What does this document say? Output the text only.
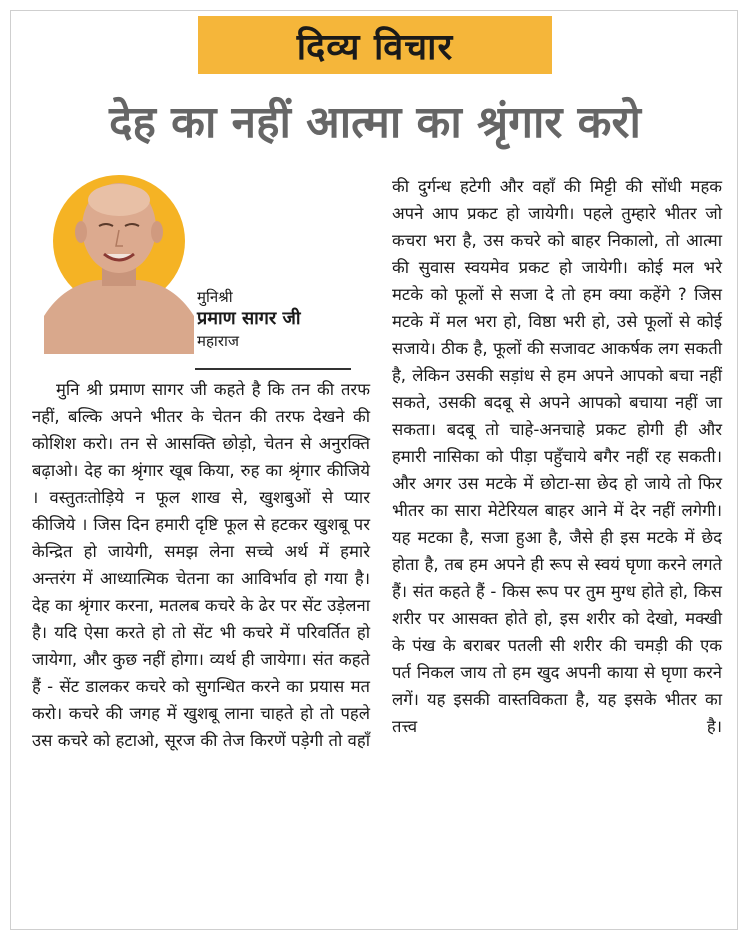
दिव्य विचार
देह का नहीं आत्मा का श्रृंगार करो
मुनिश्री
प्रमाण सागर जी
महाराज

मुनि श्री प्रमाण सागर जी कहते है कि तन की तरफ नहीं, बल्कि अपने भीतर के चेतन की तरफ देखने की कोशिश करो। तन से आसक्ति छोड़ो, चेतन से अनुरक्ति बढ़ाओ। देह का श्रृंगार खूब किया, रुह का श्रृंगार कीजिये । वस्तुतःतोड़िये न फूल शाख से, खुशबुओं से प्यार कीजिये । जिस दिन हमारी दृष्टि फूल से हटकर खुशबू पर केन्द्रित हो जायेगी, समझ लेना सच्चे अर्थ में हमारे अन्तरंग में आध्यात्मिक चेतना का आविर्भाव हो गया है। देह का श्रृंगार करना, मतलब कचरे के ढेर पर सेंट उड़ेलना है। यदि ऐसा करते हो तो सेंट भी कचरे में परिवर्तित हो जायेगा, और कुछ नहीं होगा। व्यर्थ ही जायेगा। संत कहते हैं - सेंट डालकर कचरे को सुगन्धित करने का प्रयास मत करो। कचरे की जगह में खुशबू लाना चाहते हो तो पहले उस कचरे को हटाओ, सूरज की तेज किरणें पड़ेगी तो वहाँ

की दुर्गन्ध हटेगी और वहाँ की मिट्टी की सोंधी महक अपने आप प्रकट हो जायेगी। पहले तुम्हारे भीतर जो कचरा भरा है, उस कचरे को बाहर निकालो, तो आत्मा की सुवास स्वयमेव प्रकट हो जायेगी। कोई मल भरे मटके को फूलों से सजा दे तो हम क्या कहेंगे ? जिस मटके में मल भरा हो, विष्ठा भरी हो, उसे फूलों से कोई सजाये। ठीक है, फूलों की सजावट आकर्षक लग सकती है, लेकिन उसकी सड़ांध से हम अपने आपको बचा नहीं सकते, उसकी बदबू से अपने आपको बचाया नहीं जा सकता। बदबू तो चाहे-अनचाहे प्रकट होगी ही और हमारी नासिका को पीड़ा पहुँचाये बगैर नहीं रह सकती। और अगर उस मटके में छोटा-सा छेद हो जाये तो फिर भीतर का सारा मेटेरियल बाहर आने में देर नहीं लगेगी। यह मटका है, सजा हुआ है, जैसे ही इस मटके में छेद होता है, तब हम अपने ही रूप से स्वयं घृणा करने लगते हैं। संत कहते हैं - किस रूप पर तुम मुग्ध होते हो, किस शरीर पर आसक्त होते हो, इस शरीर को देखो, मक्खी के पंख के बराबर पतली सी शरीर की चमड़ी की एक पर्त निकल जाय तो हम खुद अपनी काया से घृणा करने लगें। यह इसकी वास्तविकता है, यह इसके भीतर का तत्त्व है।
